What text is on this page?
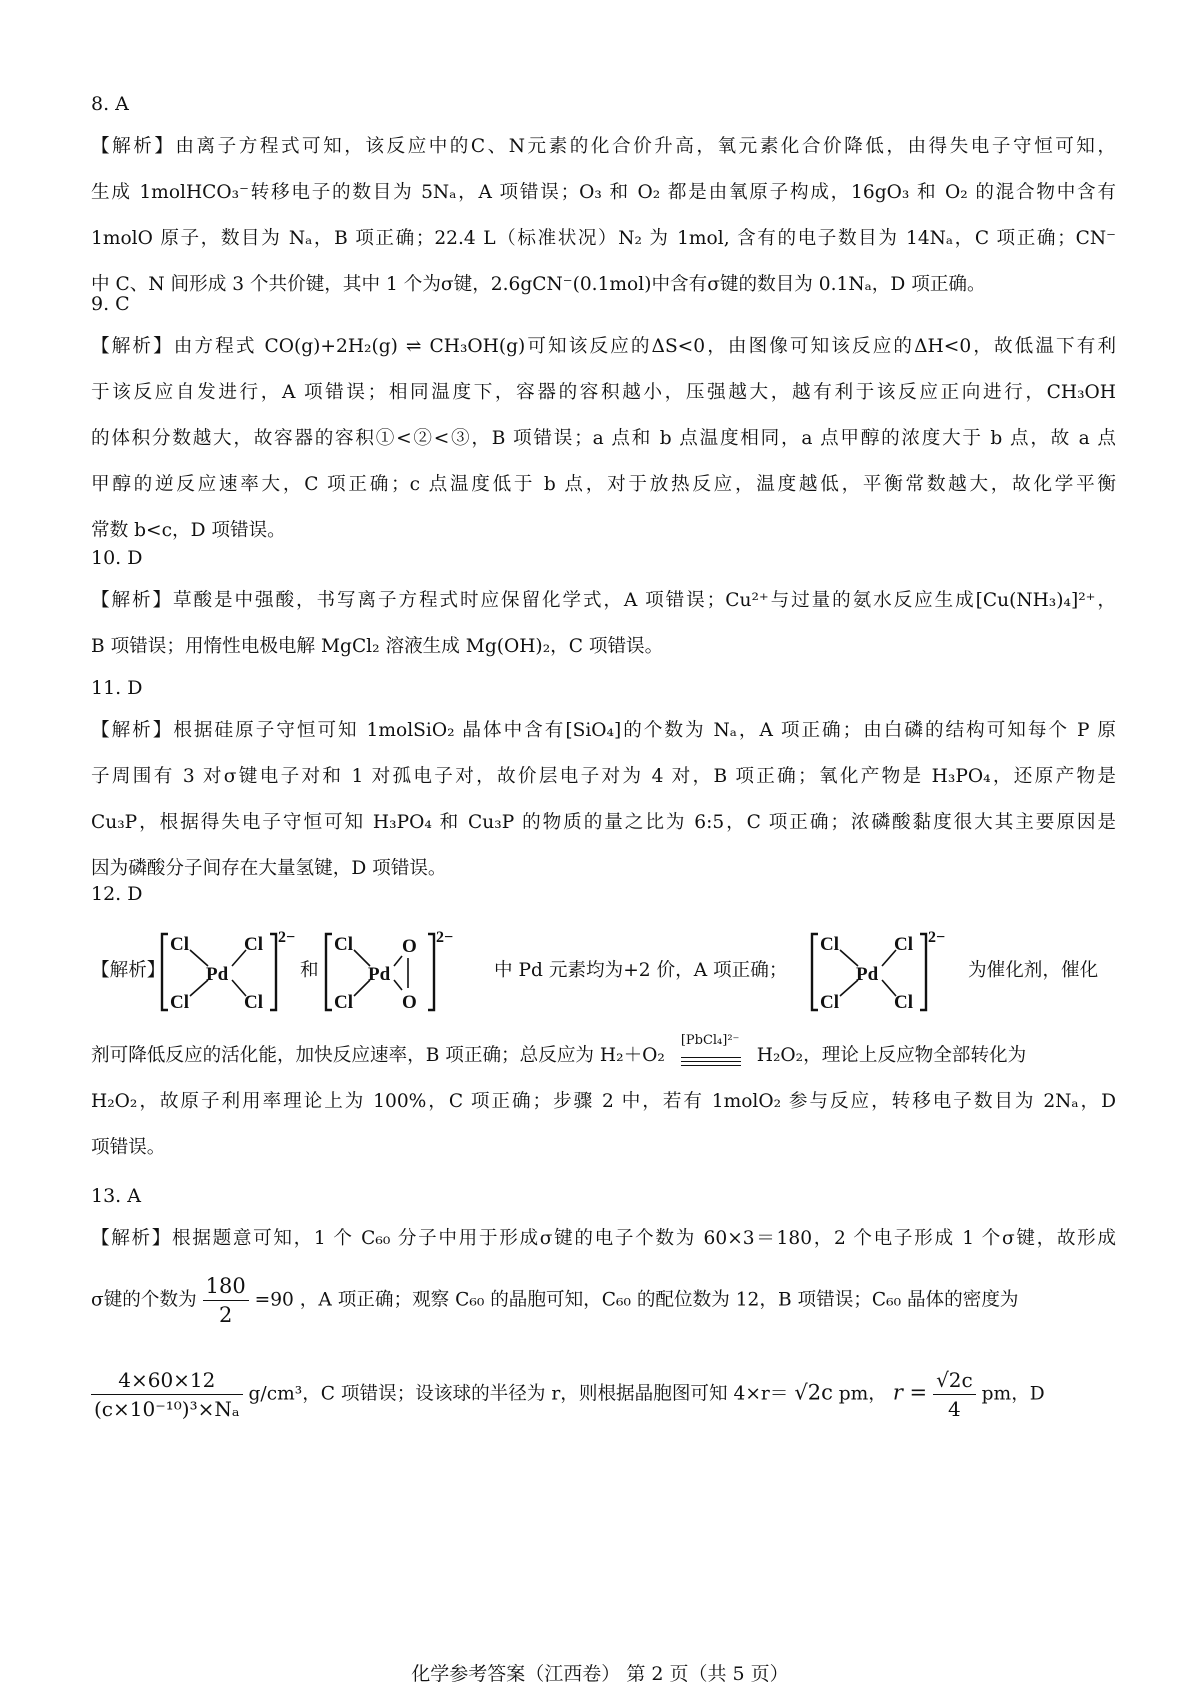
8. A
【解析】由离子方程式可知，该反应中的C、N元素的化合价升高，氧元素化合价降低，由得失电子守恒可知，
生成 1molHCO₃⁻转移电子的数目为 5Nₐ，A 项错误；O₃ 和 O₂ 都是由氧原子构成，16gO₃ 和 O₂ 的混合物中含有
1molO 原子，数目为 Nₐ，B 项正确；22.4 L（标准状况）N₂ 为 1mol, 含有的电子数目为 14Nₐ，C 项正确；CN⁻
中 C、N 间形成 3 个共价键，其中 1 个为σ键，2.6gCN⁻(0.1mol)中含有σ键的数目为 0.1Nₐ，D 项正确。
9. C
【解析】由方程式 CO(g)+2H₂(g) ⇌ CH₃OH(g)可知该反应的ΔS<0，由图像可知该反应的ΔH<0，故低温下有利
于该反应自发进行，A 项错误；相同温度下，容器的容积越小，压强越大，越有利于该反应正向进行，CH₃OH
的体积分数越大，故容器的容积①<②<③，B 项错误；a 点和 b 点温度相同，a 点甲醇的浓度大于 b 点，故 a 点
甲醇的逆反应速率大，C 项正确；c 点温度低于 b 点，对于放热反应，温度越低，平衡常数越大，故化学平衡
常数 b<c，D 项错误。
10. D
【解析】草酸是中强酸，书写离子方程式时应保留化学式，A 项错误；Cu²⁺与过量的氨水反应生成[Cu(NH₃)₄]²⁺，
B 项错误；用惰性电极电解 MgCl₂ 溶液生成 Mg(OH)₂，C 项错误。
11. D
【解析】根据硅原子守恒可知 1molSiO₂ 晶体中含有[SiO₄]的个数为 Nₐ，A 项正确；由白磷的结构可知每个 P 原
子周围有 3 对σ键电子对和 1 对孤电子对，故价层电子对为 4 对，B 项正确；氧化产物是 H₃PO₄，还原产物是
Cu₃P，根据得失电子守恒可知 H₃PO₄ 和 Cu₃P 的物质的量之比为 6:5，C 项正确；浓磷酸黏度很大其主要原因是
因为磷酸分子间存在大量氢键，D 项错误。
12. D
【解析】
Cl	Cl
Pd
Cl	Cl
2−
和
Cl	O
Pd
Cl	O
2−
中 Pd 元素均为+2 价，A 项正确；
Cl	Cl
Pd
Cl	Cl
2−
为催化剂，催化
剂可降低反应的活化能，加快反应速率，B 项正确；总反应为 H₂＋O₂
[PbCl₄]²⁻
H₂O₂，理论上反应物全部转化为
H₂O₂，故原子利用率理论上为 100%，C 项正确；步骤 2 中，若有 1molO₂ 参与反应，转移电子数目为 2Nₐ，D
项错误。
13. A
【解析】根据题意可知，1 个 C₆₀ 分子中用于形成σ键的电子个数为 60×3＝180，2 个电子形成 1 个σ键，故形成
σ键的个数为 $\frac{180}{2} =90$ ，A 项正确；观察 C₆₀ 的晶胞可知，C₆₀ 的配位数为 12，B 项错误；C₆₀ 晶体的密度为
$\frac{4\times 60\times 12}{\text{(c×10⁻¹⁰)³×Nₐ}} g/cm^3$，C 项错误；设该球的半径为 r，则根据晶胞图可知 4×r＝ √2c pm， $r = \frac{√2c}{4}$ pm，D
化学参考答案（江西卷） 第 2 页（共 5 页）
